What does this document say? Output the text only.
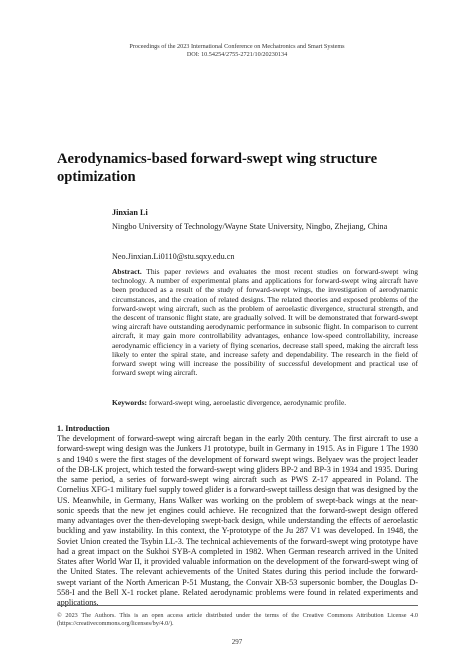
Proceedings of the 2023 International Conference on Mechatronics and Smart Systems
DOI: 10.54254/2755-2721/10/20230134
Aerodynamics-based forward-swept wing structure optimization
Jinxian Li
Ningbo University of Technology/Wayne State University, Ningbo, Zhejiang, China
Neo.Jinxian.Li0110@stu.sqxy.edu.cn
Abstract. This paper reviews and evaluates the most recent studies on forward-swept wing technology. A number of experimental plans and applications for forward-swept wing aircraft have been produced as a result of the study of forward-swept wings, the investigation of aerodynamic circumstances, and the creation of related designs. The related theories and exposed problems of the forward-swept wing aircraft, such as the problem of aeroelastic divergence, structural strength, and the descent of transonic flight state, are gradually solved. It will be demonstrated that forward-swept wing aircraft have outstanding aerodynamic performance in subsonic flight. In comparison to current aircraft, it may gain more controllability advantages, enhance low-speed controllability, increase aerodynamic efficiency in a variety of flying scenarios, decrease stall speed, making the aircraft less likely to enter the spiral state, and increase safety and dependability. The research in the field of forward swept wing will increase the possibility of successful development and practical use of forward swept wing aircraft.
Keywords: forward-swept wing, aeroelastic divergence, aerodynamic profile.
1. Introduction
The development of forward-swept wing aircraft began in the early 20th century. The first aircraft to use a forward-swept wing design was the Junkers J1 prototype, built in Germany in 1915. As in Figure 1 The 1930 s and 1940 s were the first stages of the development of forward swept wings. Belyaev was the project leader of the DB-LK project, which tested the forward-swept wing gliders BP-2 and BP-3 in 1934 and 1935. During the same period, a series of forward-swept wing aircraft such as PWS Z-17 appeared in Poland. The Cornelius XFG-1 military fuel supply towed glider is a forward-swept tailless design that was designed by the US. Meanwhile, in Germany, Hans Walker was working on the problem of swept-back wings at the near-sonic speeds that the new jet engines could achieve. He recognized that the forward-swept design offered many advantages over the then-developing swept-back design, while understanding the effects of aeroelastic buckling and yaw instability. In this context, the Y-prototype of the Ju 287 V1 was developed. In 1948, the Soviet Union created the Tsybin LL-3. The technical achievements of the forward-swept wing prototype have had a great impact on the Sukhoi SYB-A completed in 1982. When German research arrived in the United States after World War II, it provided valuable information on the development of the forward-swept wing of the United States. The relevant achievements of the United States during this period include the forward-swept variant of the North American P-51 Mustang, the Convair XB-53 supersonic bomber, the Douglas D-558-I and the Bell X-1 rocket plane. Related aerodynamic problems were found in related experiments and applications.
© 2023 The Authors. This is an open access article distributed under the terms of the Creative Commons Attribution License 4.0 (https://creativecommons.org/licenses/by/4.0/).
297
